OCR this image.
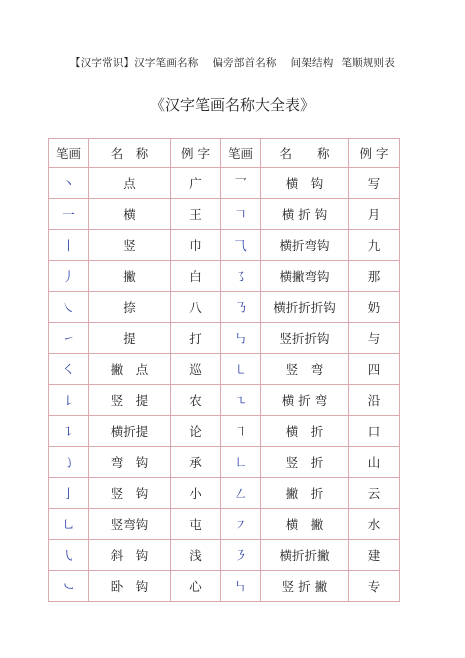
【汉字常识】汉字笔画名称 偏旁部首名称 间架结构 笔顺规则表
《汉字笔画名称大全表》
笔画	名　称	例 字	笔画	名　　称	例 字
丶	点	广	乛	横　钩	写
一	横	王	𠃍	横 折 钩	月
丨	竖	巾	⺄	横折弯钩	九
丿	撇	白	㇌	横撇弯钩	那
㇏	捺	八	㇡	横折折折钩	奶
㇀	提	打	㇉	竖折折钩	与
㇛	撇　点	巡	㇄	竖　弯	四
㇙	竖　提	农	㇍	横 折 弯	沿
㇊	横折提	论	㇕	横　折	口
㇁	弯　钩	承	㇗	竖　折	山
亅	竖　钩	小	㇜	撇　折	云
㇟	竖弯钩	屯	㇇	横　撇	水
㇂	斜　钩	浅	㇋	横折折撇	建
㇃	卧　钩	心	㇞	竖 折 撇	专
